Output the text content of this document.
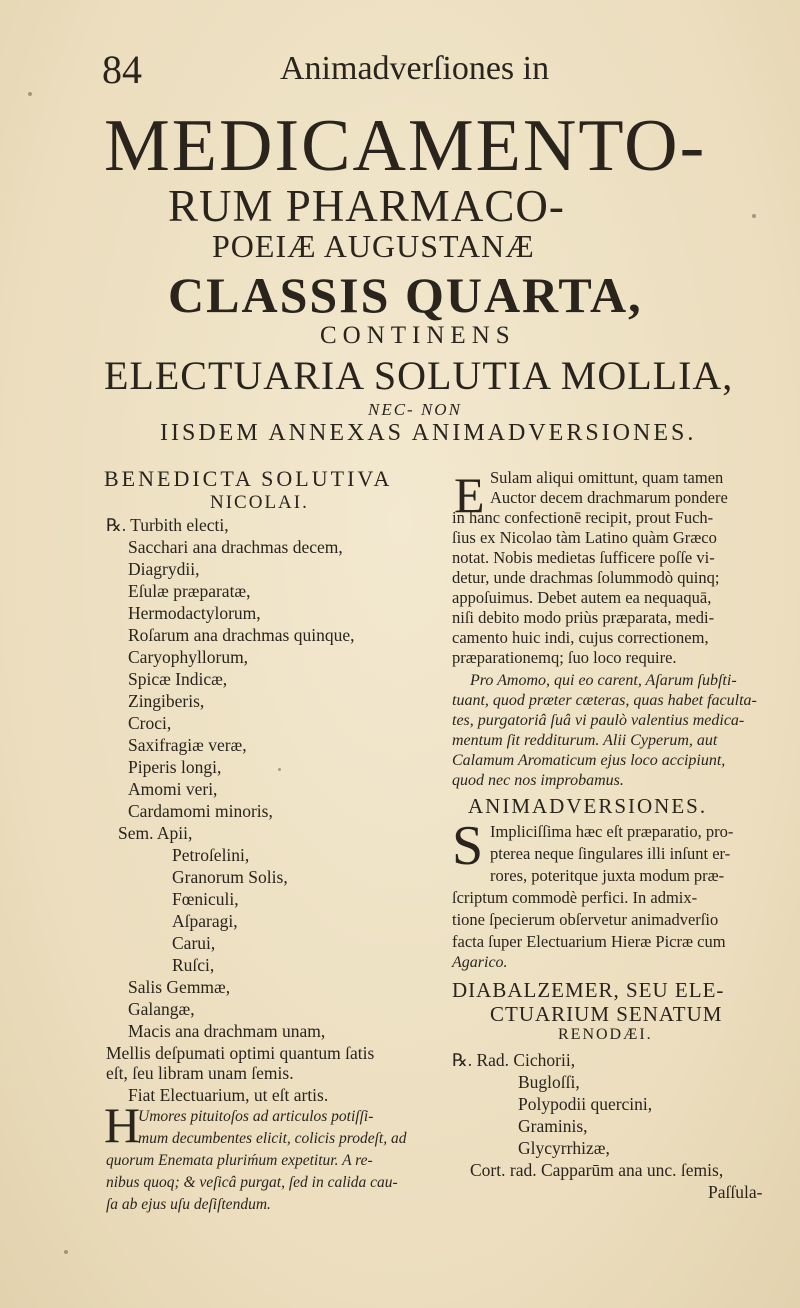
84	Animadverſiones in
MEDICAMENTO-
RUM PHARMACO-
POEIÆ AUGUSTANÆ
CLASSIS QUARTA,
CONTINENS
ELECTUARIA SOLUTIA MOLLIA,
NEC- NON
IISDEM ANNEXAS ANIMADVERSIONES.
BENEDICTA SOLUTIVA
NICOLAI.
℞. Turbith electi,
Sacchari ana drachmas decem,
Diagrydii,
Eſulæ præparatæ,
Hermodactylorum,
Roſarum ana drachmas quinque,
Caryophyllorum,
Spicæ Indicæ,
Zingiberis,
Croci,
Saxifragiæ veræ,
Piperis longi,
Amomi veri,
Cardamomi minoris,
Sem. Apii,
Petroſelini,
Granorum Solis,
Fœniculi,
Aſparagi,
Carui,
Ruſci,
Salis Gemmæ,
Galangæ,
Macis ana drachmam unam,
Mellis deſpumati optimi quantum ſatis
eſt, ſeu libram unam ſemis.
Fiat Electuarium, ut eſt artis.
H
Umores pituitoſos ad articulos potiſſi-
mum decumbentes elicit, colicis prodeſt, ad
quorum Enemata pluriḿum expetitur. A re-
nibus quoq; & veſicâ purgat, ſed in calida cau-
ſa ab ejus uſu deſiſtendum.
E Sulam aliqui omittunt, quam tamen
Auctor decem drachmarum pondere
in hanc confectionē recipit, prout Fuch-
ſius ex Nicolao tàm Latino quàm Græco
notat. Nobis medietas ſufficere poſſe vi-
detur, unde drachmas ſolummodò quinq;
appoſuimus. Debet autem ea nequaquā,
niſi debito modo priùs præparata, medi-
camento huic indi, cujus correctionem,
præparationemq; ſuo loco require.
Pro Amomo, qui eo carent, Aſarum ſubſti-
tuant, quod præter cæteras, quas habet faculta-
tes, purgatoriâ ſuâ vi paulò valentius medica-
mentum ſit redditurum. Alii Cyperum, aut
Calamum Aromaticum ejus loco accipiunt,
ANIMADVERSIONES.
S Impliciſſima hæc eſt præparatio, pro-
pterea neque ſingulares illi inſunt er-
rores, poteritque juxta modum præ-
ſcriptum commodè perfici. In admix-
tione ſpecierum obſervetur animadverſio
facta ſuper Electuarium Hieræ Picræ cum
Agarico.
DIABALZEMER, SEU ELE-
CTUARIUM SENATUM
RENODÆI.
℞. Rad. Cichorii,
Bugloſſi,
Polypodii quercini,
Graminis,
Glycyrrhizæ,
Cort. rad. Capparūm ana unc. ſemis,
Paſſula-
quod nec nos improbamus.
